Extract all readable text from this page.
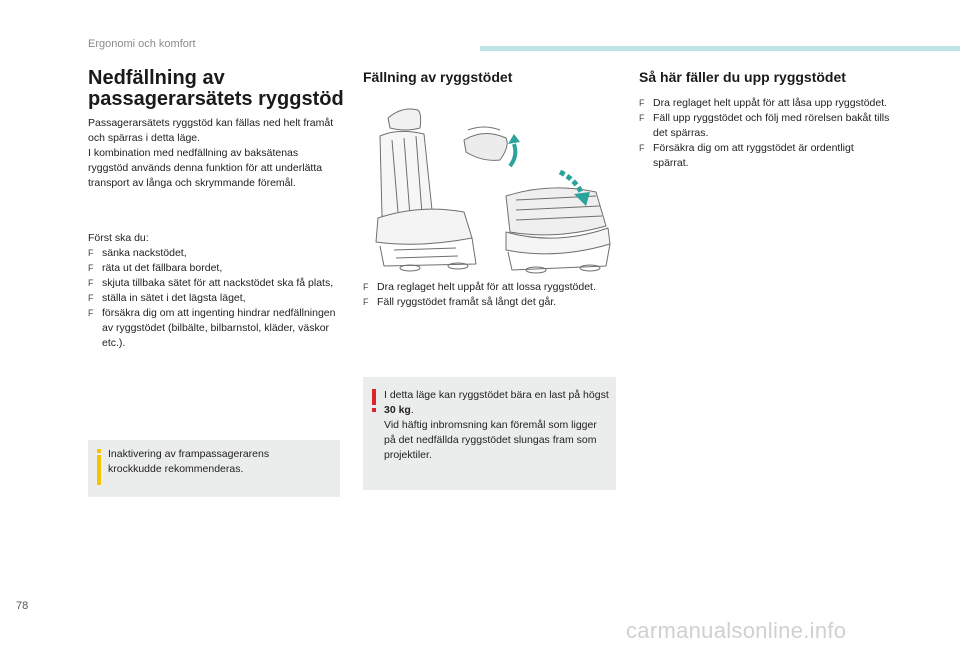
Ergonomi och komfort
Nedfällning av
passagerarsätets ryggstöd

Passagerarsätets ryggstöd kan fällas ned helt framåt och spärras i detta läge.

I kombination med nedfällning av baksätenas ryggstöd används denna funktion för att underlätta transport av långa och skrymmande föremål.

Först ska du:
F sänka nackstödet,
F räta ut det fällbara bordet,
F skjuta tillbaka sätet för att nackstödet ska få plats,
F ställa in sätet i det lägsta läget,
F försäkra dig om att ingenting hindrar nedfällningen av ryggstödet (bilbälte, bilbarnstol, kläder, väskor etc.).
Inaktivering av frampassagerarens krockkudde rekommenderas.
Fällning av ryggstödet
F Dra reglaget helt uppåt för att lossa ryggstödet.
F Fäll ryggstödet framåt så långt det går.
I detta läge kan ryggstödet bära en last på högst 30 kg.
Vid häftig inbromsning kan föremål som ligger på det nedfällda ryggstödet slungas fram som projektiler.
Så här fäller du upp ryggstödet
F Dra reglaget helt uppåt för att låsa upp ryggstödet.
F Fäll upp ryggstödet och följ med rörelsen bakåt tills det spärras.
F Försäkra dig om att ryggstödet är ordentligt spärrat.
78
carmanualsonline.info
